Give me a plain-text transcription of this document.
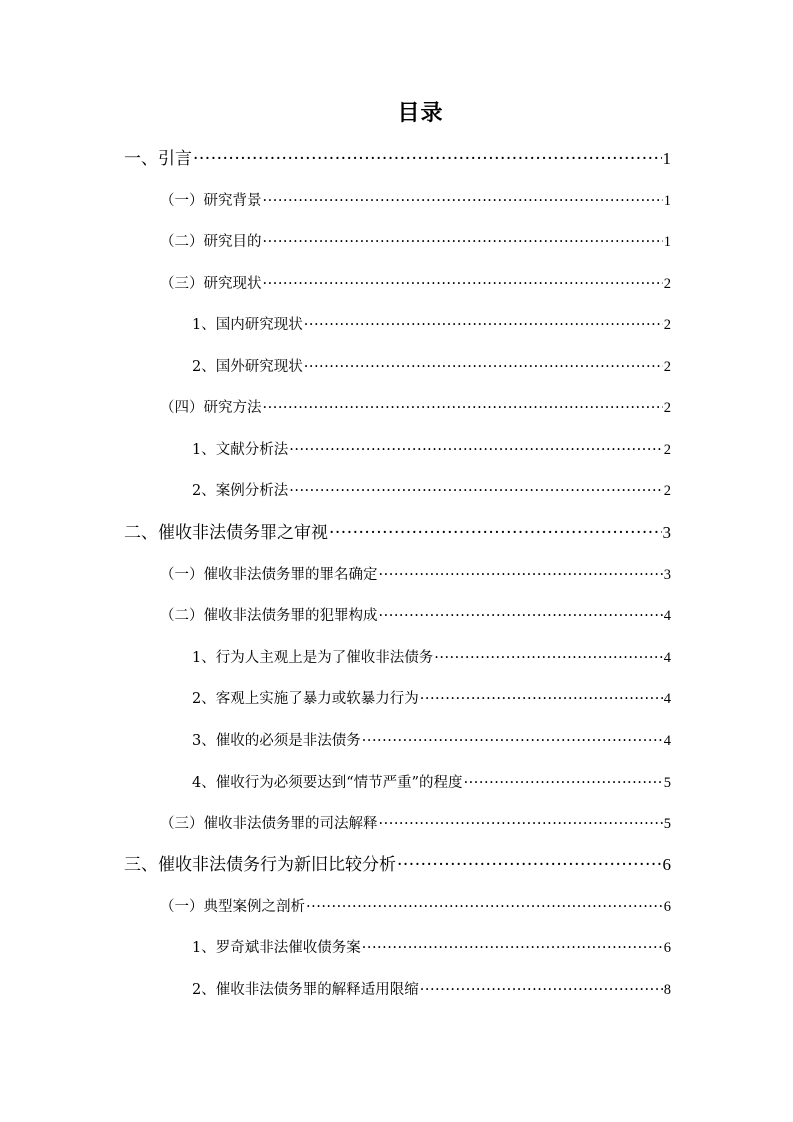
目录
一、引言 ·····	1
（一）研究背景 ·····	1
（二）研究目的 ·····	1
（三）研究现状 ·····	2
1、国内研究现状 ·····	2
2、国外研究现状 ·····	2
（四）研究方法 ·····	2
1、文献分析法 ·····	2
2、案例分析法 ·····	2
二、催收非法债务罪之审视 ·····	3
（一）催收非法债务罪的罪名确定 ·····	3
（二）催收非法债务罪的犯罪构成 ·····	4
1、行为人主观上是为了催收非法债务 ·····	4
2、客观上实施了暴力或软暴力行为 ·····	4
3、催收的必须是非法债务 ·····	4
4、催收行为必须要达到“情节严重”的程度 ·····	5
（三）催收非法债务罪的司法解释 ·····	5
三、催收非法债务行为新旧比较分析 ·····	6
（一）典型案例之剖析 ·····	6
1、罗奇斌非法催收债务案 ·····	6
2、催收非法债务罪的解释适用限缩 ·····	8
